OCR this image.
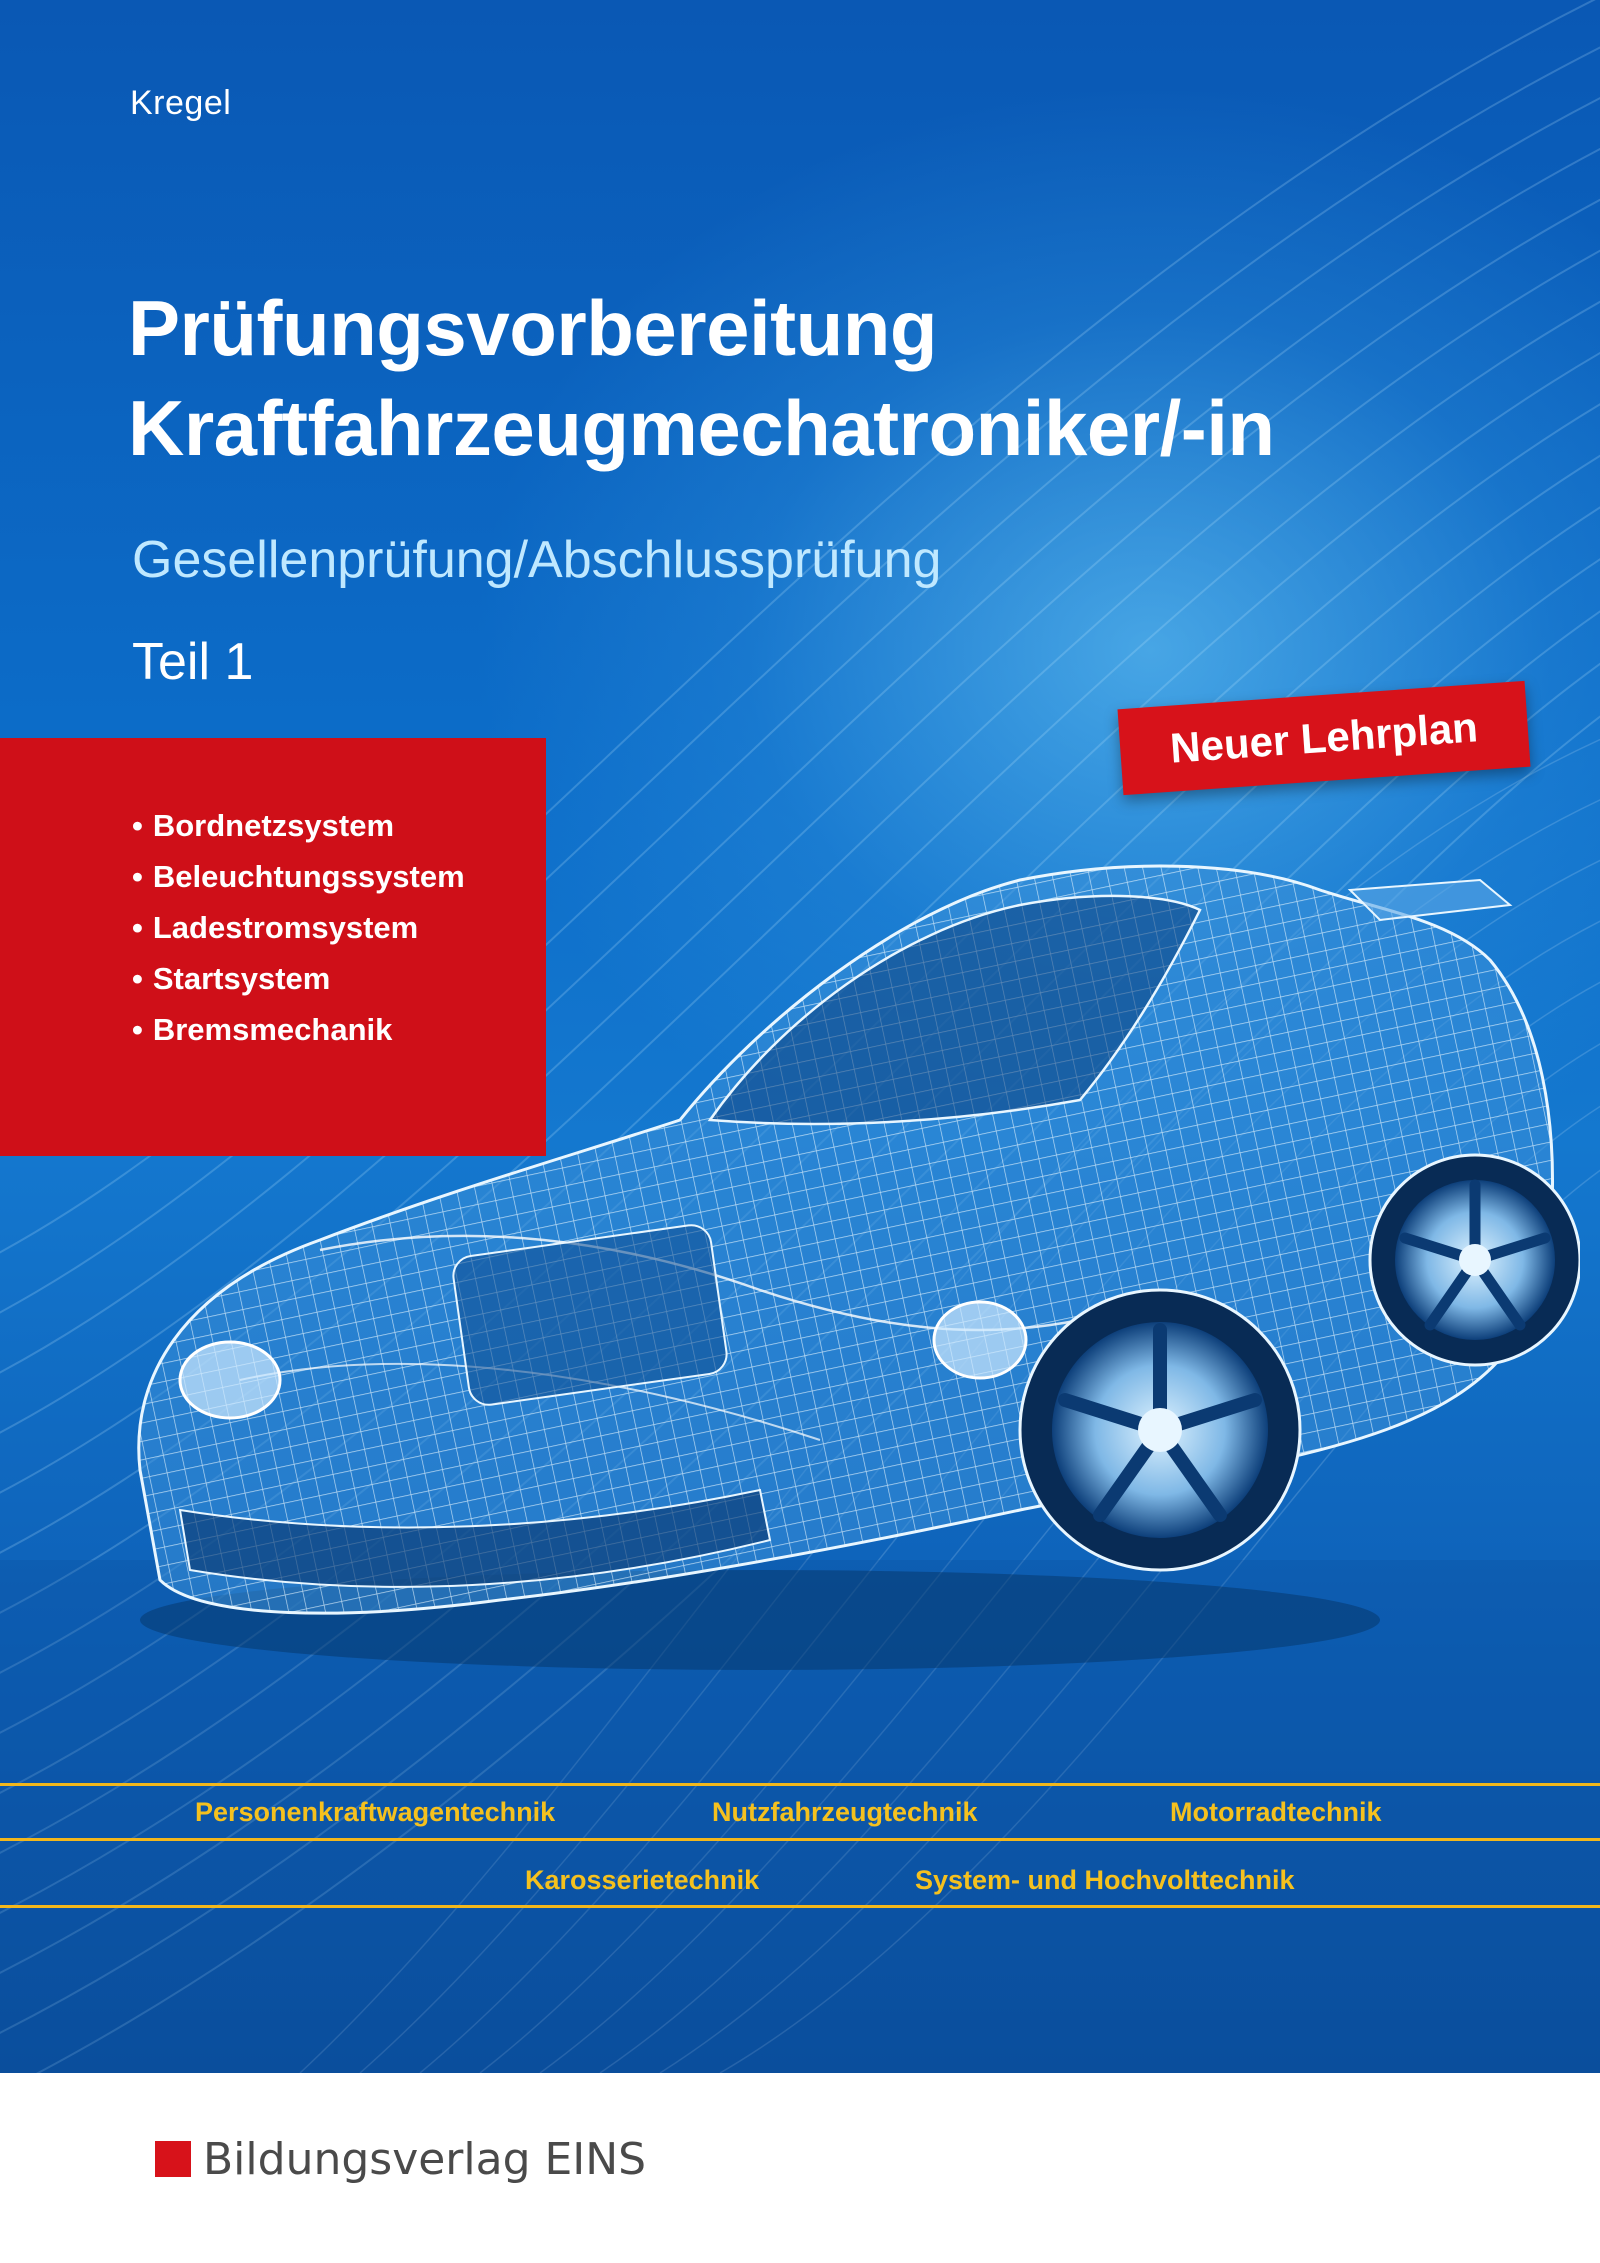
Kregel
Prüfungsvorbereitung
Kraftfahrzeugmechatroniker/-in
Gesellenprüfung/Abschlussprüfung
Teil 1
• Bordnetzsystem
• Beleuchtungssystem
• Ladestromsystem
• Startsystem
• Bremsmechanik
Neuer Lehrplan
Personenkraftwagentechnik	Nutzfahrzeugtechnik	Motorradtechnik
Karosserietechnik	System- und Hochvolttechnik
Bildungsverlag EINS
